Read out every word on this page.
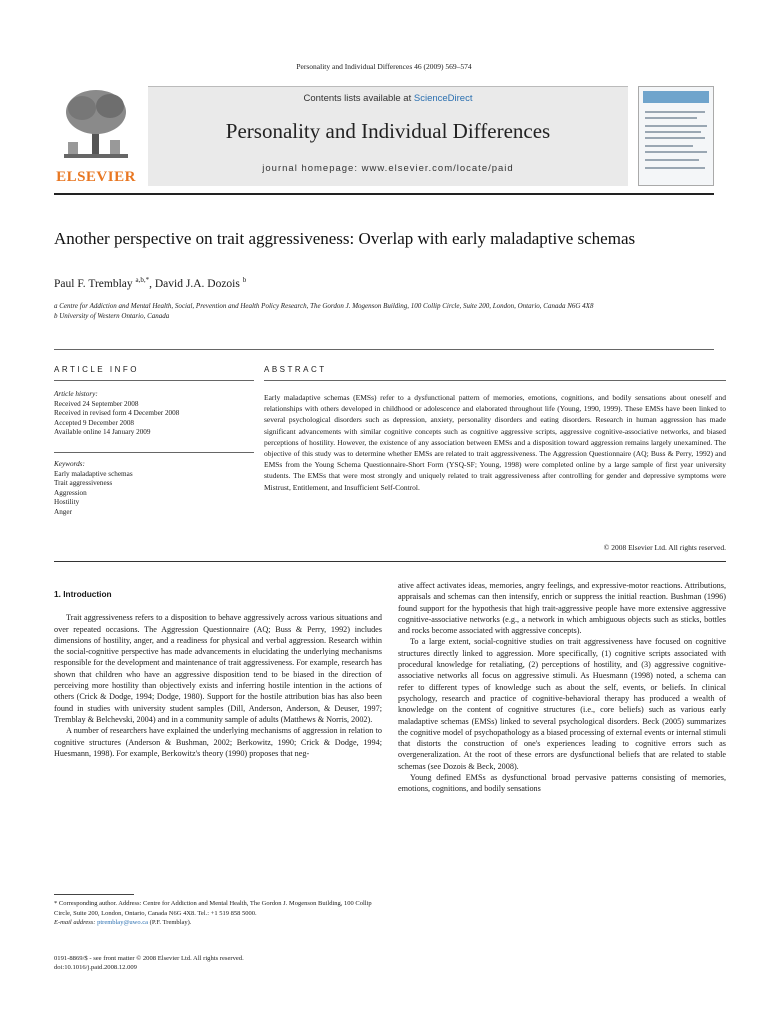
Personality and Individual Differences 46 (2009) 569–574
ELSEVIER
Contents lists available at ScienceDirect
Personality and Individual Differences
journal homepage: www.elsevier.com/locate/paid
Another perspective on trait aggressiveness: Overlap with early maladaptive schemas
Paul F. Tremblay $^{a,b,*}$, David J.A. Dozois $^b$
a Centre for Addiction and Mental Health, Social, Prevention and Health Policy Research, The Gordon J. Mogenson Building, 100 Collip Circle, Suite 200, London, Ontario, Canada N6G 4X8
b University of Western Ontario, Canada
ARTICLE INFO	ABSTRACT
Article history:
Received 24 September 2008
Received in revised form 4 December 2008
Accepted 9 December 2008
Available online 14 January 2009
Keywords:
Early maladaptive schemas
Trait aggressiveness
Aggression
Hostility
Anger
Early maladaptive schemas (EMSs) refer to a dysfunctional pattern of memories, emotions, cognitions, and bodily sensations about oneself and relationships with others developed in childhood or adolescence and elaborated throughout life (Young, 1990, 1999). These EMSs have been linked to several psychological disorders such as depression, anxiety, personality disorders and eating disorders. Research in human aggression has made significant advancements with similar cognitive concepts such as cognitive aggressive scripts, aggressive cognitive-associative networks, and biased perceptions of hostility. However, the existence of any association between EMSs and a disposition toward aggression remains largely unexamined. The objective of this study was to determine whether EMSs are related to trait aggressiveness. The Aggression Questionnaire (AQ; Buss & Perry, 1992) and EMSs from the Young Schema Questionnaire-Short Form (YSQ-SF; Young, 1998) were completed online by a large sample of first year university students. The EMSs that were most strongly and uniquely related to trait aggressiveness after controlling for gender and depressive symptoms were Mistrust, Entitlement, and Insufficient Self-Control.
© 2008 Elsevier Ltd. All rights reserved.
1. Introduction

Trait aggressiveness refers to a disposition to behave aggressively across various situations and over repeated occasions. The Aggression Questionnaire (AQ; Buss & Perry, 1992) includes dimensions of hostility, anger, and a readiness for physical and verbal aggression. Research within the social-cognitive perspective has made advancements in elucidating the underlying mechanisms responsible for the development and maintenance of trait aggressiveness. For example, research has shown that children who have an aggressive disposition tend to be biased in the direction of perceiving more hostility than objectively exists and inferring hostile intention in the actions of others (Crick & Dodge, 1994; Dodge, 1980). Support for the hostile attribution bias has also been found in studies with university student samples (Dill, Anderson, Anderson, & Deuser, 1997; Tremblay & Belchevski, 2004) and in a community sample of adults (Matthews & Norris, 2002).

A number of researchers have explained the underlying mechanisms of aggression in relation to cognitive structures (Anderson & Bushman, 2002; Berkowitz, 1990; Crick & Dodge, 1994; Huesmann, 1998). For example, Berkowitz's theory (1990) proposes that neg-

ative affect activates ideas, memories, angry feelings, and expressive-motor reactions. Attributions, appraisals and schemas can then intensify, enrich or suppress the initial reaction. Bushman (1996) found support for the hypothesis that high trait-aggressive people have more extensive aggressive cognitive-associative networks (e.g., a network in which ambiguous objects such as sticks, bottles and rocks become associated with aggressive concepts).

To a large extent, social-cognitive studies on trait aggressiveness have focused on cognitive structures directly linked to aggression. More specifically, (1) cognitive scripts associated with procedural knowledge for retaliating, (2) perceptions of hostility, and (3) aggressive cognitive-associative networks all focus on aggressive stimuli. As Huesmann (1998) noted, a schema can refer to different types of knowledge such as about the self, events, or beliefs. In clinical psychology, research and practice of cognitive-behavioral therapy has produced a wealth of knowledge on the content of cognitive structures (i.e., core beliefs) such as various early maladaptive schemas (EMSs) linked to several psychological disorders. Beck (2005) summarizes the cognitive model of psychopathology as a biased processing of external events or internal stimuli that distorts the construction of one's experiences leading to cognitive errors such as overgeneralization. At the root of these errors are dysfunctional beliefs that are related to stable schemas (see Dozois & Beck, 2008).

Young defined EMSs as dysfunctional broad pervasive patterns consisting of memories, emotions, cognitions, and bodily sensations

* Corresponding author. Address: Centre for Addiction and Mental Health, The Gordon J. Mogenson Building, 100 Collip Circle, Suite 200, London, Ontario, Canada N6G 4X8. Tel.: +1 519 858 5000.
E-mail address: ptremblay@uwo.ca (P.F. Tremblay).
0191-8869/$ - see front matter © 2008 Elsevier Ltd. All rights reserved.
doi:10.1016/j.paid.2008.12.009
